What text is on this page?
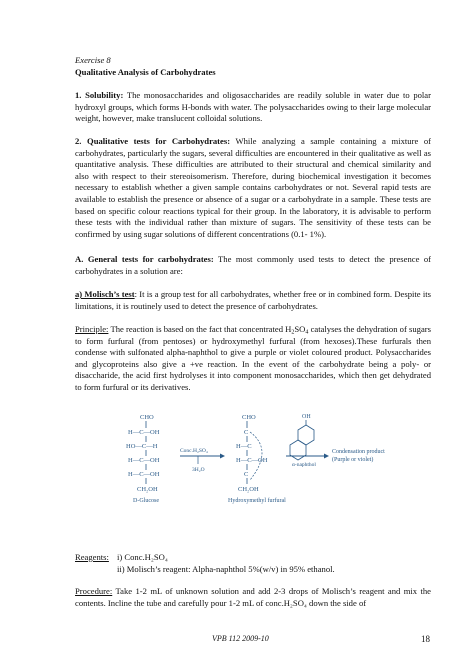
Exercise 8
Qualitative Analysis of Carbohydrates

1. Solubility: The monosaccharides and oligosaccharides are readily soluble in water due to polar hydroxyl groups, which forms H-bonds with water. The polysaccharides owing to their large molecular weight, however, make translucent colloidal solutions.

2. Qualitative tests for Carbohydrates: While analyzing a sample containing a mixture of carbohydrates, particularly the sugars, several difficulties are encountered in their qualitative as well as quantitative analysis. These difficulties are attributed to their structural and chemical similarity and also with respect to their stereoisomerism. Therefore, during biochemical investigation it becomes necessary to establish whether a given sample contains carbohydrates or not. Several rapid tests are available to establish the presence or absence of a sugar or a carbohydrate in a sample. These tests are based on specific colour reactions typical for their group. In the laboratory, it is advisable to perform these tests with the individual rather than mixture of sugars. The sensitivity of these tests can be confirmed by using sugar solutions of different concentrations (0.1- 1%).

A. General tests for carbohydrates: The most commonly used tests to detect the presence of carbohydrates in a solution are:

a) Molisch’s test: It is a group test for all carbohydrates, whether free or in combined form. Despite its limitations, it is routinely used to detect the presence of carbohydrates.

Principle: The reaction is based on the fact that concentrated $H_2SO_4$ catalyses the dehydration of sugars to form furfural (from pentoses) or hydroxymethyl furfural (from hexoses).These furfurals then condense with sulfonated alpha-naphthol to give a purple or violet coloured product. Polysaccharides and glycoproteins also give a +ve reaction. In the event of the carbohydrate being a poly- or disaccharide, the acid first hydrolyses it into component monosaccharides, which then get dehydrated to form furfural or its derivatives.

CHO
H—C—OH
HO—C—H
H—C—OH
H—C—OH
CH₂OH
D-Glucose
Conc.H₂SO₄
3H₂O
CHO
C
H—C
H—C—OH
C
CH₂OH
Hydroxymethyl furfural
OH
α-naphthol
Condensation product
(Purple or violet)
Reagents: i) Conc.H₂SO₄
ii) Molisch’s reagent: Alpha-naphthol 5%(w/v) in 95% ethanol.

Procedure: Take 1-2 mL of unknown solution and add 2-3 drops of Molisch’s reagent and mix the contents. Incline the tube and carefully pour 1-2 mL of conc.H₂SO₄ down the side of

VPB 112 2009-10	18
